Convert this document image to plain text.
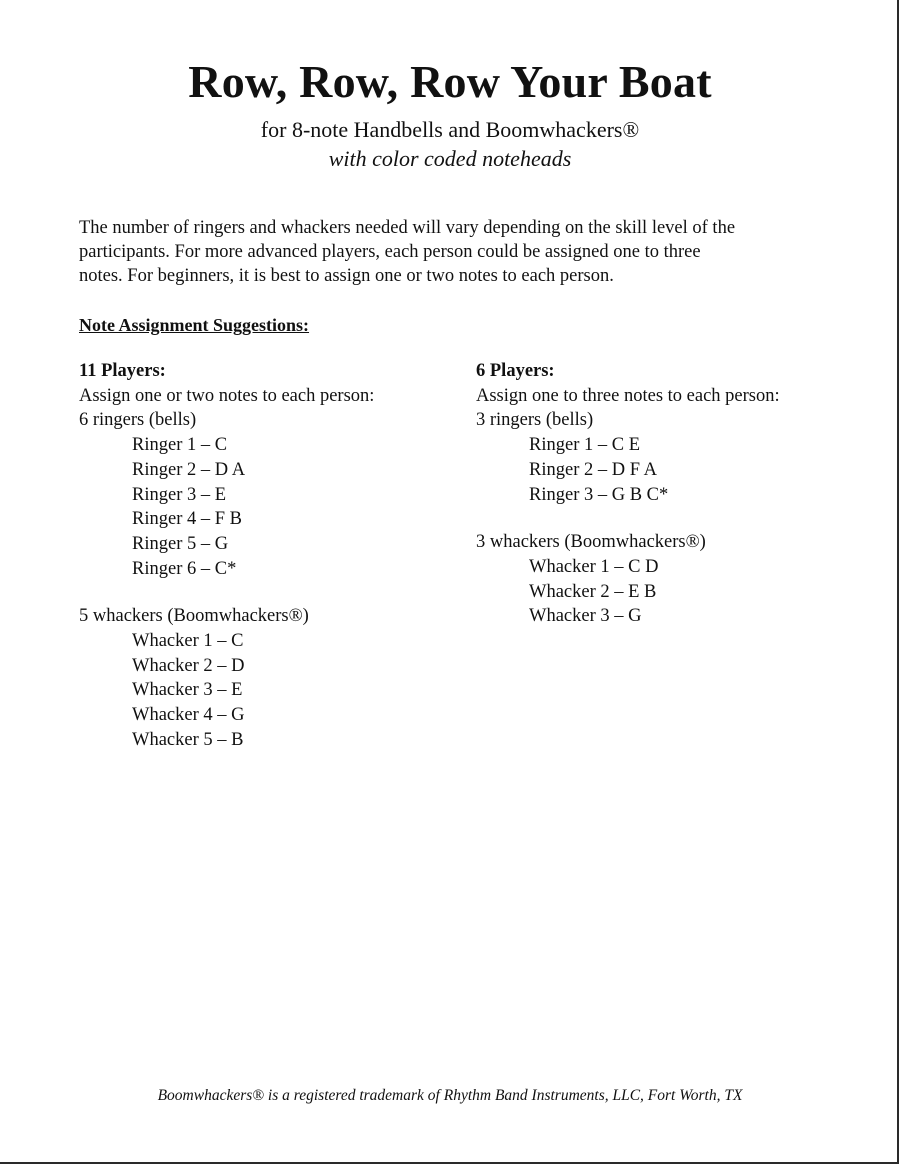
Row, Row, Row Your Boat
for 8-note Handbells and Boomwhackers®
with color coded noteheads
The number of ringers and whackers needed will vary depending on the skill level of the
participants. For more advanced players, each person could be assigned one to three
notes. For beginners, it is best to assign one or two notes to each person.
Note Assignment Suggestions:
11 Players:
Assign one or two notes to each person:
6 ringers (bells)
Ringer 1 – C
Ringer 2 – D A
Ringer 3 – E
Ringer 4 – F B
Ringer 5 – G
Ringer 6 – C*
5 whackers (Boomwhackers®)
Whacker 1 – C
Whacker 2 – D
Whacker 3 – E
Whacker 4 – G
Whacker 5 – B
6 Players:
Assign one to three notes to each person:
3 ringers (bells)
Ringer 1 – C E
Ringer 2 – D F A
Ringer 3 – G B C*
3 whackers (Boomwhackers®)
Whacker 1 – C D
Whacker 2 – E B
Whacker 3 – G
Boomwhackers® is a registered trademark of Rhythm Band Instruments, LLC, Fort Worth, TX
